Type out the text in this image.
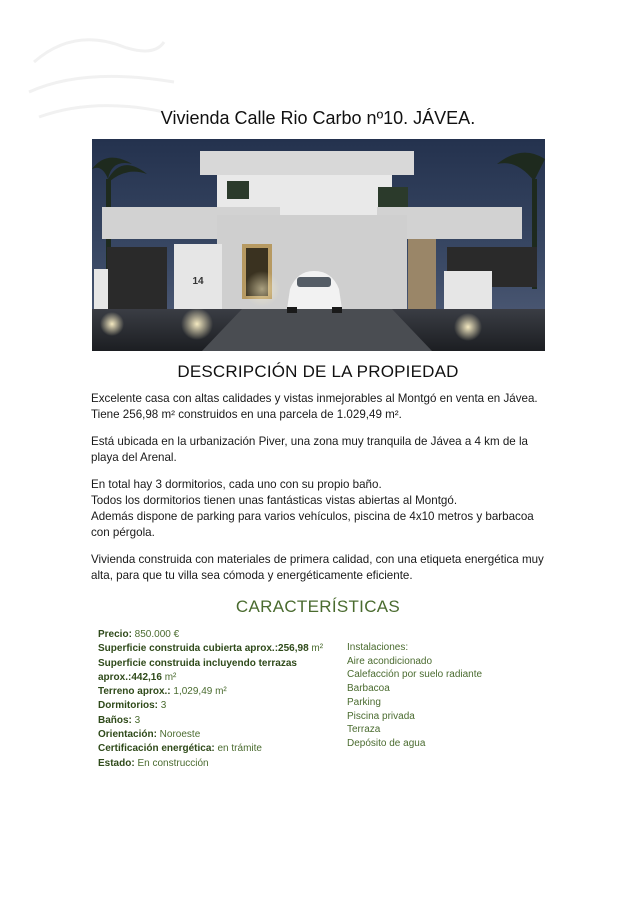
Vivienda Calle Rio Carbo nº10. JÁVEA.
14
DESCRIPCIÓN DE LA PROPIEDAD

Excelente casa con altas calidades y vistas inmejorables al Montgó en venta en Jávea.
Tiene 256,98 m² construidos en una parcela de 1.029,49 m².

Está ubicada en la urbanización Piver, una zona muy tranquila de Jávea a 4 km de la playa del Arenal.

En total hay 3 dormitorios, cada uno con su propio baño.
Todos los dormitorios tienen unas fantásticas vistas abiertas al Montgó.
Además dispone de parking para varios vehículos, piscina de 4x10 metros y barbacoa con pérgola.

Vivienda construida con materiales de primera calidad, con una etiqueta energética muy alta, para que tu villa sea cómoda y energéticamente eficiente.

CARACTERÍSTICAS
Precio: 850.000 €
Superficie construida cubierta aprox.:256,98 m²
Superficie construida incluyendo terrazas aprox.:442,16 m²
Terreno aprox.: 1,029,49 m²
Dormitorios: 3
Baños: 3
Orientación: Noroeste
Certificación energética: en trámite
Estado: En construcción
Instalaciones:
Aire acondicionado
Calefacción por suelo radiante
Barbacoa
Parking
Piscina privada
Terraza
Depósito de agua
